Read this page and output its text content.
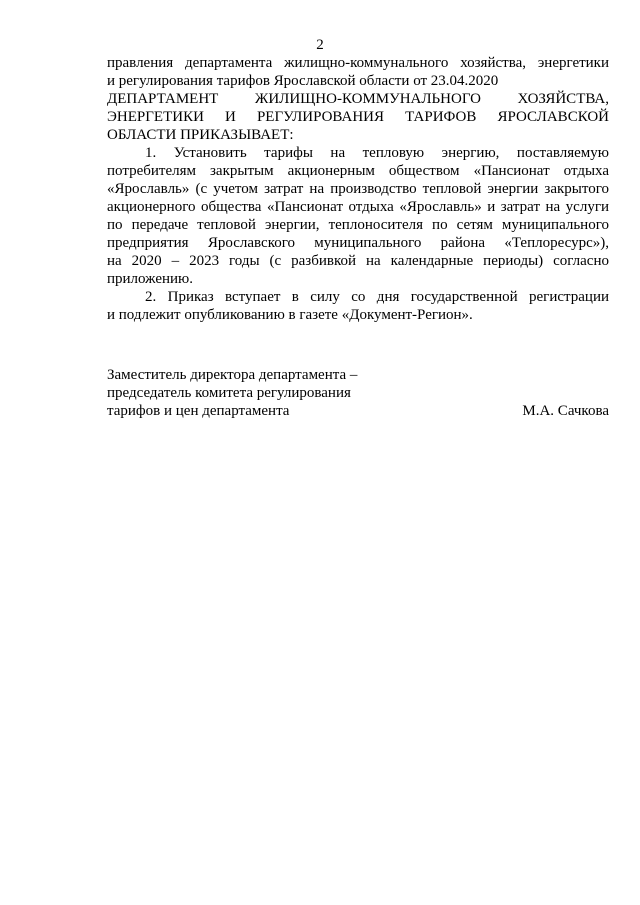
2
правления департамента жилищно-коммунального хозяйства, энергетики
и регулирования тарифов Ярославской области от 23.04.2020
ДЕПАРТАМЕНТ ЖИЛИЩНО-КОММУНАЛЬНОГО ХОЗЯЙСТВА,
ЭНЕРГЕТИКИ И РЕГУЛИРОВАНИЯ ТАРИФОВ ЯРОСЛАВСКОЙ
ОБЛАСТИ ПРИКАЗЫВАЕТ:
1. Установить тарифы на тепловую энергию, поставляемую
потребителям закрытым акционерным обществом «Пансионат отдыха
«Ярославль» (с учетом затрат на производство тепловой энергии закрытого
акционерного общества «Пансионат отдыха «Ярославль» и затрат на услуги
по передаче тепловой энергии, теплоносителя по сетям муниципального
предприятия Ярославского муниципального района «Теплоресурс»),
на 2020 – 2023 годы (с разбивкой на календарные периоды) согласно
приложению.
2. Приказ вступает в силу со дня государственной регистрации
и подлежит опубликованию в газете «Документ-Регион».
Заместитель директора департамента –
председатель комитета регулирования
тарифов и цен департамента	М.А. Сачкова
